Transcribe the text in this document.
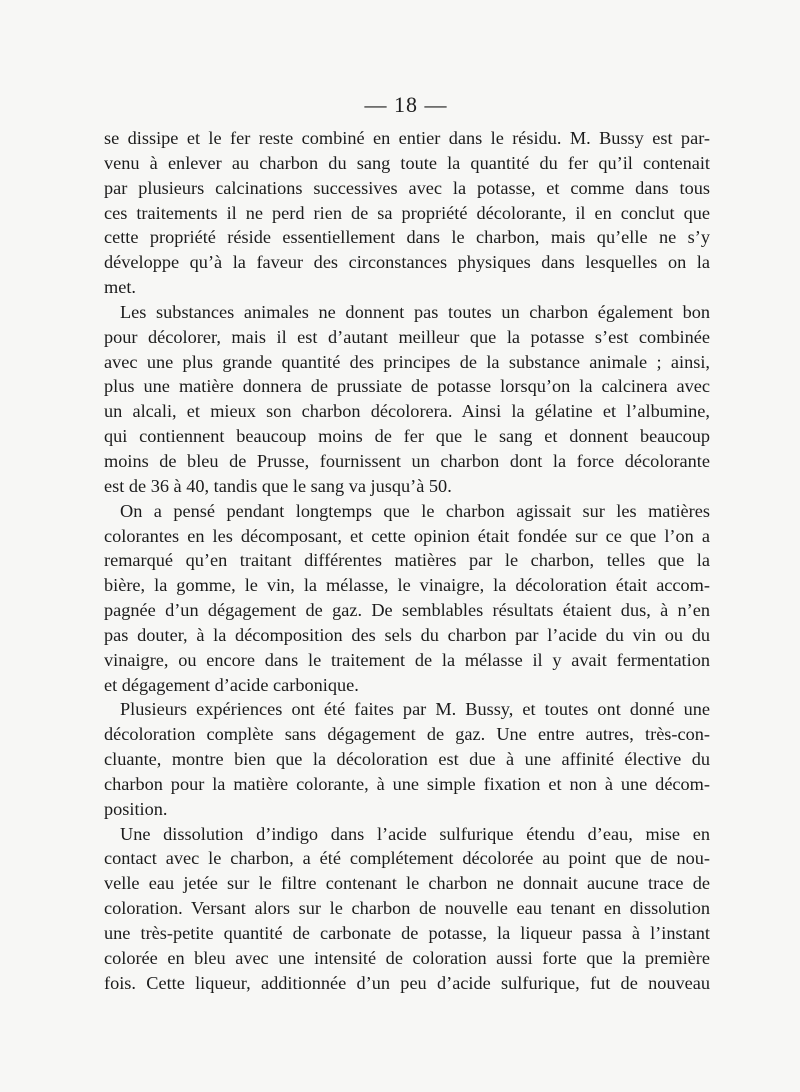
— 18 —
se dissipe et le fer reste combiné en entier dans le résidu. M. Bussy est par-
venu à enlever au charbon du sang toute la quantité du fer qu’il contenait
par plusieurs calcinations successives avec la potasse, et comme dans tous
ces traitements il ne perd rien de sa propriété décolorante, il en conclut que
cette propriété réside essentiellement dans le charbon, mais qu’elle ne s’y
développe qu’à la faveur des circonstances physiques dans lesquelles on la
met.
Les substances animales ne donnent pas toutes un charbon également bon
pour décolorer, mais il est d’autant meilleur que la potasse s’est combinée
avec une plus grande quantité des principes de la substance animale ; ainsi,
plus une matière donnera de prussiate de potasse lorsqu’on la calcinera avec
un alcali, et mieux son charbon décolorera. Ainsi la gélatine et l’albumine,
qui contiennent beaucoup moins de fer que le sang et donnent beaucoup
moins de bleu de Prusse, fournissent un charbon dont la force décolorante
est de 36 à 40, tandis que le sang va jusqu’à 50.
On a pensé pendant longtemps que le charbon agissait sur les matières
colorantes en les décomposant, et cette opinion était fondée sur ce que l’on a
remarqué qu’en traitant différentes matières par le charbon, telles que la
bière, la gomme, le vin, la mélasse, le vinaigre, la décoloration était accom-
pagnée d’un dégagement de gaz. De semblables résultats étaient dus, à n’en
pas douter, à la décomposition des sels du charbon par l’acide du vin ou du
vinaigre, ou encore dans le traitement de la mélasse il y avait fermentation
et dégagement d’acide carbonique.
Plusieurs expériences ont été faites par M. Bussy, et toutes ont donné une
décoloration complète sans dégagement de gaz. Une entre autres, très-con-
cluante, montre bien que la décoloration est due à une affinité élective du
charbon pour la matière colorante, à une simple fixation et non à une décom-
position.
Une dissolution d’indigo dans l’acide sulfurique étendu d’eau, mise en
contact avec le charbon, a été complétement décolorée au point que de nou-
velle eau jetée sur le filtre contenant le charbon ne donnait aucune trace de
coloration. Versant alors sur le charbon de nouvelle eau tenant en dissolution
une très-petite quantité de carbonate de potasse, la liqueur passa à l’instant
colorée en bleu avec une intensité de coloration aussi forte que la première
fois. Cette liqueur, additionnée d’un peu d’acide sulfurique, fut de nouveau
